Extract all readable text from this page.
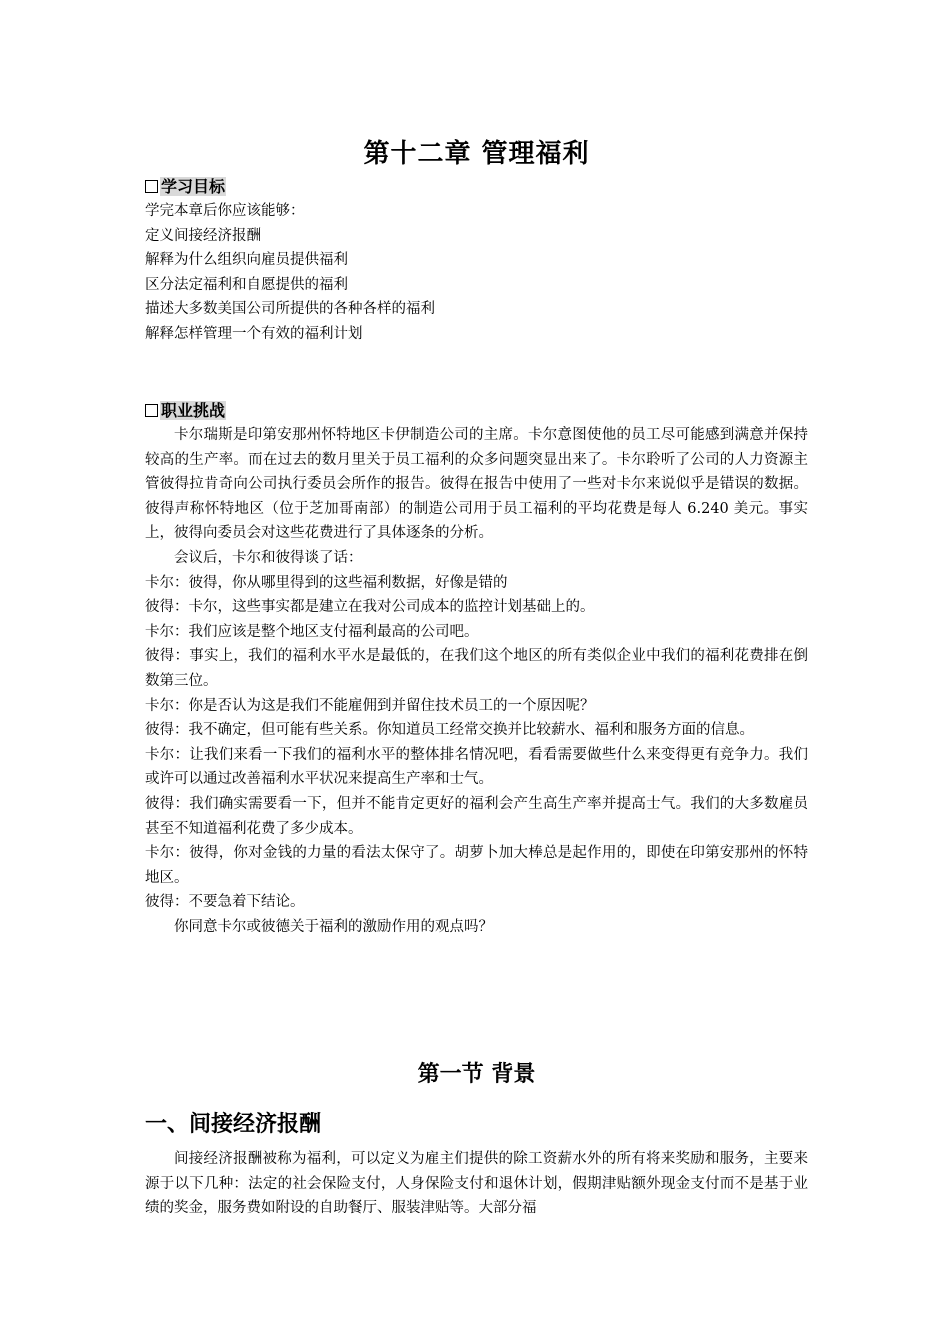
第十二章 管理福利
学习目标

学完本章后你应该能够：

定义间接经济报酬

解释为什么组织向雇员提供福利

区分法定福利和自愿提供的福利

描述大多数美国公司所提供的各种各样的福利

解释怎样管理一个有效的福利计划

职业挑战

卡尔瑞斯是印第安那州怀特地区卡伊制造公司的主席。卡尔意图使他的员工尽可能感到满意并保持较高的生产率。而在过去的数月里关于员工福利的众多问题突显出来了。卡尔聆听了公司的人力资源主管彼得拉肯奇向公司执行委员会所作的报告。彼得在报告中使用了一些对卡尔来说似乎是错误的数据。彼得声称怀特地区（位于芝加哥南部）的制造公司用于员工福利的平均花费是每人 6.240 美元。事实上，彼得向委员会对这些花费进行了具体逐条的分析。

会议后，卡尔和彼得谈了话：

卡尔：彼得，你从哪里得到的这些福利数据，好像是错的

彼得：卡尔，这些事实都是建立在我对公司成本的监控计划基础上的。

卡尔：我们应该是整个地区支付福利最高的公司吧。

彼得：事实上，我们的福利水平水是最低的，在我们这个地区的所有类似企业中我们的福利花费排在倒数第三位。

卡尔：你是否认为这是我们不能雇佣到并留住技术员工的一个原因呢？

彼得：我不确定，但可能有些关系。你知道员工经常交换并比较薪水、福利和服务方面的信息。

卡尔：让我们来看一下我们的福利水平的整体排名情况吧，看看需要做些什么来变得更有竞争力。我们或许可以通过改善福利水平状况来提高生产率和士气。

彼得：我们确实需要看一下，但并不能肯定更好的福利会产生高生产率并提高士气。我们的大多数雇员甚至不知道福利花费了多少成本。

卡尔：彼得，你对金钱的力量的看法太保守了。胡萝卜加大棒总是起作用的，即使在印第安那州的怀特地区。

彼得：不要急着下结论。

你同意卡尔或彼德关于福利的激励作用的观点吗？

第一节 背景
一、间接经济报酬

间接经济报酬被称为福利，可以定义为雇主们提供的除工资薪水外的所有将来奖励和服务，主要来源于以下几种：法定的社会保险支付，人身保险支付和退休计划，假期津贴额外现金支付而不是基于业绩的奖金，服务费如附设的自助餐厅、服装津贴等。大部分福
